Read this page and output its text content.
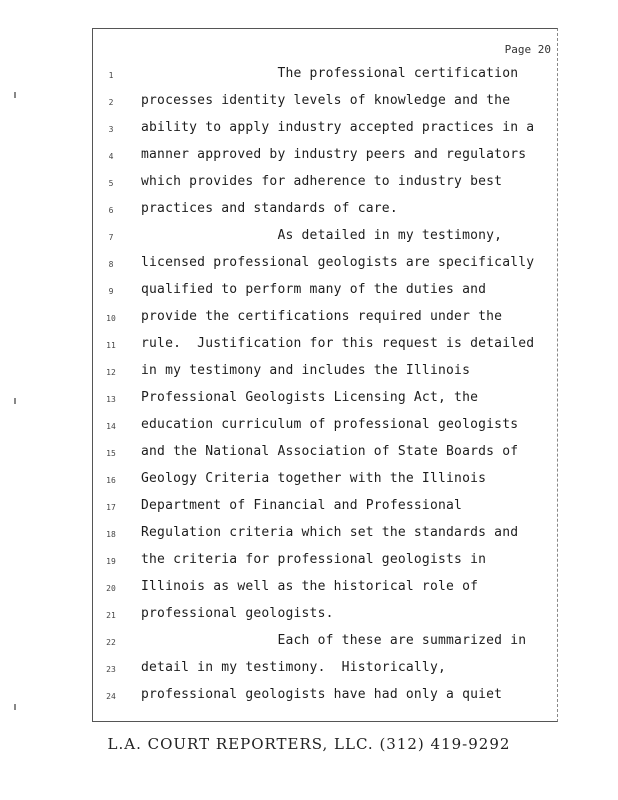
Page 20
1	The professional certification
2	processes identity levels of knowledge and the
3	ability to apply industry accepted practices in a
4	manner approved by industry peers and regulators
5	which provides for adherence to industry best
6	practices and standards of care.
7	As detailed in my testimony,
8	licensed professional geologists are specifically
9	qualified to perform many of the duties and
10	provide the certifications required under the
11	rule.  Justification for this request is detailed
12	in my testimony and includes the Illinois
13	Professional Geologists Licensing Act, the
14	education curriculum of professional geologists
15	and the National Association of State Boards of
16	Geology Criteria together with the Illinois
17	Department of Financial and Professional
18	Regulation criteria which set the standards and
19	the criteria for professional geologists in
20	Illinois as well as the historical role of
21	professional geologists.
22	Each of these are summarized in
23	detail in my testimony.  Historically,
24	professional geologists have had only a quiet
L.A. COURT REPORTERS, LLC. (312) 419-9292
